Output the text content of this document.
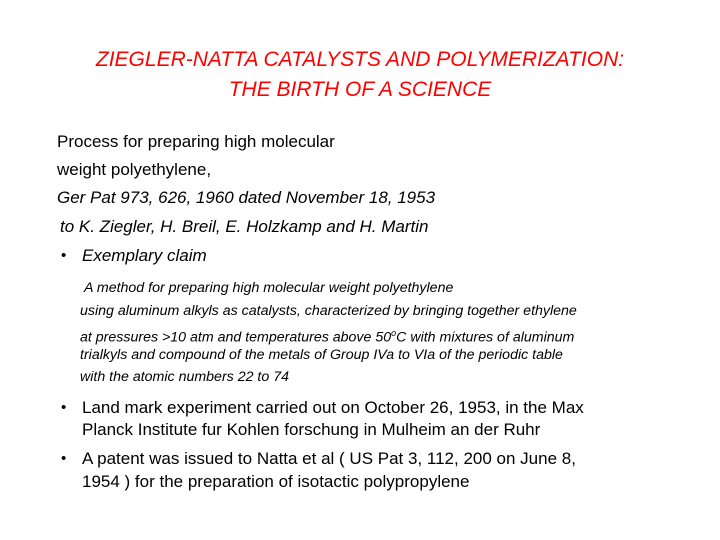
ZIEGLER-NATTA CATALYSTS AND POLYMERIZATION:
THE BIRTH OF A SCIENCE
Process for preparing high molecular
weight polyethylene,
Ger Pat 973, 626, 1960 dated November 18, 1953
to K. Ziegler, H. Breil, E. Holzkamp and H. Martin
• Exemplary claim
A method for preparing high molecular weight polyethylene
using aluminum alkyls as catalysts, characterized by bringing together ethylene
at pressures >10 atm and temperatures above 50$^o$C with mixtures of aluminum
trialkyls and compound of the metals of Group IVa to VIa of the periodic table
with the atomic numbers 22 to 74
• Land mark experiment carried out on October 26, 1953, in the Max
Planck Institute fur Kohlen forschung in Mulheim an der Ruhr
• A patent was issued to Natta et al ( US Pat 3, 112, 200 on June 8,
1954 ) for the preparation of isotactic polypropylene
